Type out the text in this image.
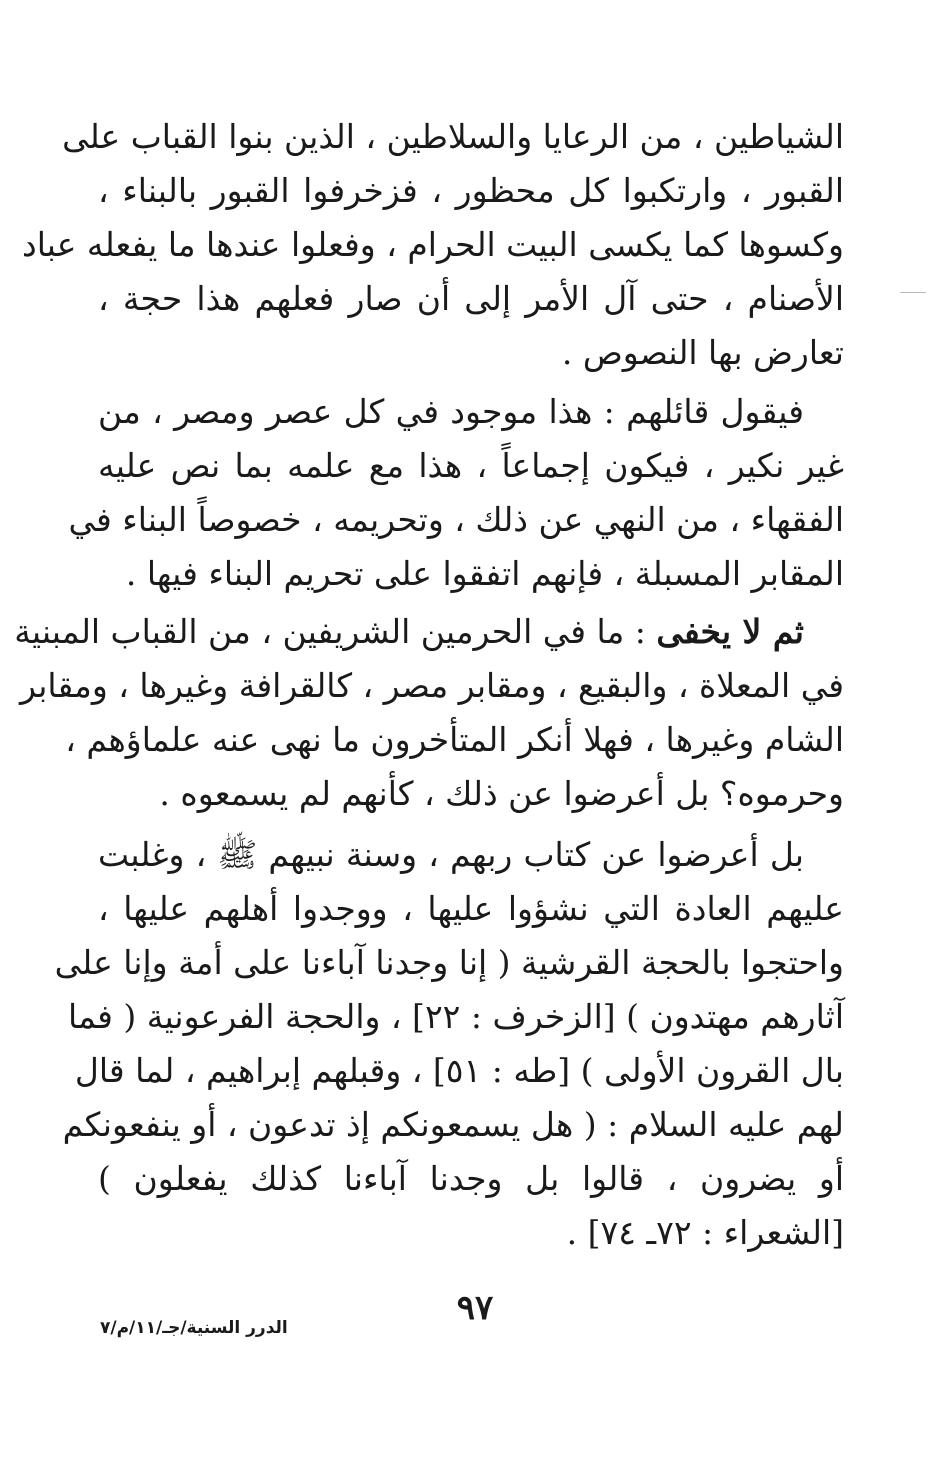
الشياطين ، من الرعايا والسلاطين ، الذين بنوا القباب على
القبور ، وارتكبوا كل محظور ، فزخرفوا القبور بالبناء ،
وكسوها كما يكسى البيت الحرام ، وفعلوا عندها ما يفعله عباد
الأصنام ، حتى آل الأمر إلى أن صار فعلهم هذا حجة ،
تعارض بها النصوص .
فيقول قائلهم : هذا موجود في كل عصر ومصر ، من
غير نكير ، فيكون إجماعاً ، هذا مع علمه بما نص عليه
الفقهاء ، من النهي عن ذلك ، وتحريمه ، خصوصاً البناء في
المقابر المسبلة ، فإنهم اتفقوا على تحريم البناء فيها .
ثم لا يخفى : ما في الحرمين الشريفين ، من القباب المبنية
في المعلاة ، والبقيع ، ومقابر مصر ، كالقرافة وغيرها ، ومقابر
الشام وغيرها ، فهلا أنكر المتأخرون ما نهى عنه علماؤهم ،
وحرموه؟ بل أعرضوا عن ذلك ، كأنهم لم يسمعوه .
بل أعرضوا عن كتاب ربهم ، وسنة نبيهم ﷺ ، وغلبت
عليهم العادة التي نشؤوا عليها ، ووجدوا أهلهم عليها ،
واحتجوا بالحجة القرشية ( إنا وجدنا آباءنا على أمة وإنا على
آثارهم مهتدون ) [الزخرف : ٢٢] ، والحجة الفرعونية ( فما
بال القرون الأولى ) [طه : ٥١] ، وقبلهم إبراهيم ، لما قال
لهم عليه السلام : ( هل يسمعونكم إذ تدعون ، أو ينفعونكم
أو يضرون ، قالوا بل وجدنا آباءنا كذلك يفعلون )
[الشعراء : ٧٢ـ ٧٤] .
٩٧
الدرر السنية/جـ/١١/م/٧
